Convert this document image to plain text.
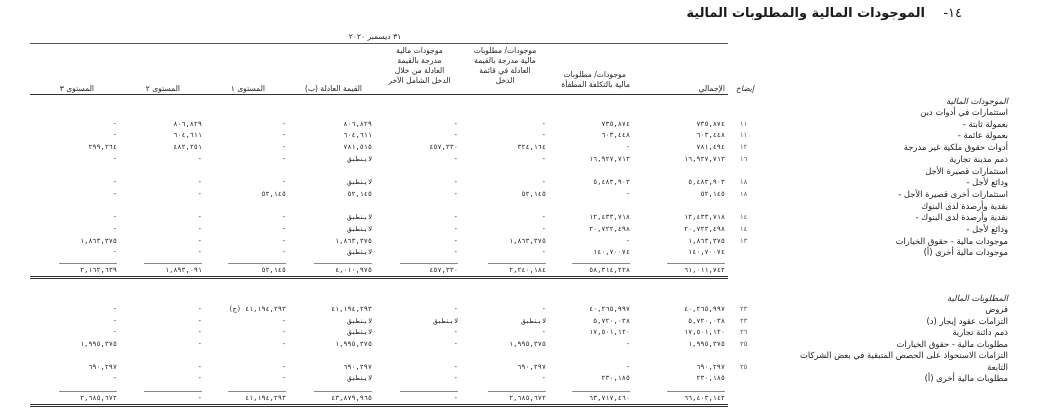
-١٤
الموجودات المالية والمطلوبات المالية
٣١ ديسمبر ٢٠٢٠
إيضاح
الإجمالي
موجودات/ مطلوبات
مالية بالتكلفة المطفأة
موجودات/ مطلوبات
مالية مدرجة بالقيمة
العادلة في قائمة
الدخل
موجودات مالية
مدرجة بالقيمة
العادلة من خلال
الدخل الشامل الآخر
القيمة العادلة (ب)
المستوى ١
المستوى ٢
المستوى ٣
الموجودات المالية
استثمارات في أدوات دين
- بعمولة ثابتة
١١
٧٣٥,٨٧٤
٧٣٥,٨٧٤
-
-
٨٠٦,٨٢٩
-
٨٠٦,٨٢٩
-
- بعمولة عائمة
١١
٦٠٣,٤٤٨
٦٠٣,٤٤٨
-
-
٦٠٤,٦١١
-
٦٠٤,٦١١
-
أدوات حقوق ملكية غير مدرجة
١٢
٧٨١,٤٩٤
-
٣٢٤,١٦٤
٤٥٧,٣٣٠
٧٨١,٥١٥
-
٤٨٢,٢٥١
٢٩٩,٢٦٤
ذمم مدينة تجارية
١٦
١٦,٩٢٧,٧١٣
١٦,٩٢٧,٧١٣
-
-
لاينطبق
-
-
-
استثمارات قصيرة الأجل
- ودائع لأجل
١٨
٥,٤٨٣,٩٠٣
٥,٤٨٣,٩٠٣
-
-
لاينطبق
-
-
-
- استثمارات أخرى قصيرة الأجل
١٨
٥٢,١٤٥
-
٥٢,١٤٥
-
٥٢,١٤٥
٥٢,١٤٥
-
-
نقدية وأرصدة لدى البنوك
- نقدية وأرصدة لدى البنوك
١٤
١٢,٤٣٣,٧١٨
١٢,٤٣٣,٧١٨
-
-
لاينطبق
-
-
-
- ودائع لأجل
١٤
٢٠,٧٢٢,٤٩٨
٢٠,٧٢٢,٤٩٨
-
-
لاينطبق
-
-
-
موجودات مالية - حقوق الخيارات
١٣
١,٨٦٣,٣٧٥
-
١,٨٦٣,٣٧٥
-
١,٨٦٣,٣٧٥
-
-
١,٨٦٣,٣٧٥
موجودات مالية أخرى (أ)
١٤٠,٧٠٠٧٤
١٤٠,٧٠٠٧٤
-
-
لاينطبق
-
-
-
٦١,٠١١,٧٤٢
٥٨,٣١٤,٢٢٨
٢,٢٤٠,١٨٤
٤٥٧,٣٣٠
٤,٠١٠,٩٧٥
٥٢,١٤٥
١,٨٩٣,٠٩١
٢,١٦٢,٦٣٩
المطلوبات المالية
قروض
٢٣
٤٠,٢٦٥,٩٩٧
٤٠,٢٦٥,٩٩٧
-
-
٤١,١٩٤,٢٩٣
٤١,١٩٤,٢٩٣ (ج)
-
-
التزامات عقود إيجار (د)
٢٣
٥,٧٢٠,٠٣٨
٥,٧٢٠,٠٣٨
لاينطبق
لاينطبق
لاينطبق
-
-
-
ذمم دائنة تجارية
٢٦
١٧,٥٠١,١٢٠
١٧,٥٠١,١٢٠
-
-
لاينطبق
-
-
-
مطلوبات مالية - حقوق الخيارات
٢٥
١,٩٩٥,٣٧٥
-
١,٩٩٥,٣٧٥
-
١,٩٩٥,٣٧٥
-
-
١,٩٩٥,٣٧٥
التزامات الاستحواذ على الحصص المتبقية في بعض الشركات
التابعة
٢٥
٦٩٠,٢٩٧
-
٦٩٠,٢٩٧
-
٦٩٠,٢٩٧
-
-
٦٩٠,٢٩٧
مطلوبات مالية أخرى (أ)
٢٣٠,١٨٥
٢٣٠,١٨٥
-
-
لاينطبق
-
-
-
٦٦,٤٠٣,١٤٢
٦٣,٧١٧,٤٦٠
٢,٦٨٥,٦٧٢
-
٤٣,٨٧٩,٩٦٥
٤١,١٩٤,٢٩٣
-
٢,٦٨٥,٦٧٢
